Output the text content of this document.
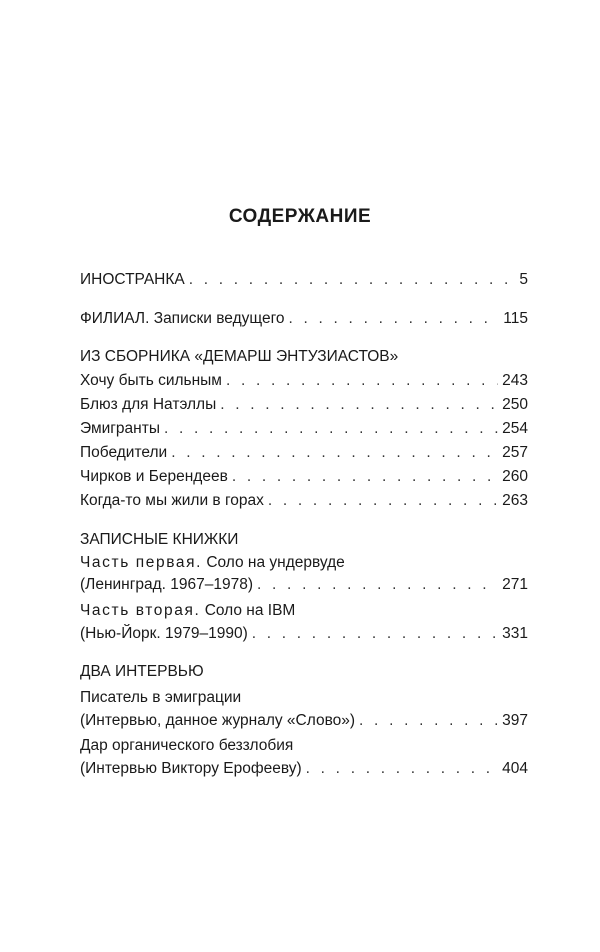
СОДЕРЖАНИЕ
ИНОСТРАНКА . . .	5
ФИЛИАЛ. Записки ведущего . . .	115
ИЗ СБОРНИКА «ДЕМАРШ ЭНТУЗИАСТОВ»
Хочу быть сильным . . .	243
Блюз для Натэллы . . .	250
Эмигранты . . .	254
Победители . . .	257
Чирков и Берендеев . . .	260
Когда-то мы жили в горах . . .	263
ЗАПИСНЫЕ КНИЖКИ
Часть первая. Соло на ундервуде
(Ленинград. 1967–1978) . . .	271
Часть вторая. Соло на IBM
(Нью-Йорк. 1979–1990) . . .	331
ДВА ИНТЕРВЬЮ
Писатель в эмиграции
(Интервью, данное журналу «Слово») . . .	397
Дар органического беззлобия
(Интервью Виктору Ерофееву) . . .	404
